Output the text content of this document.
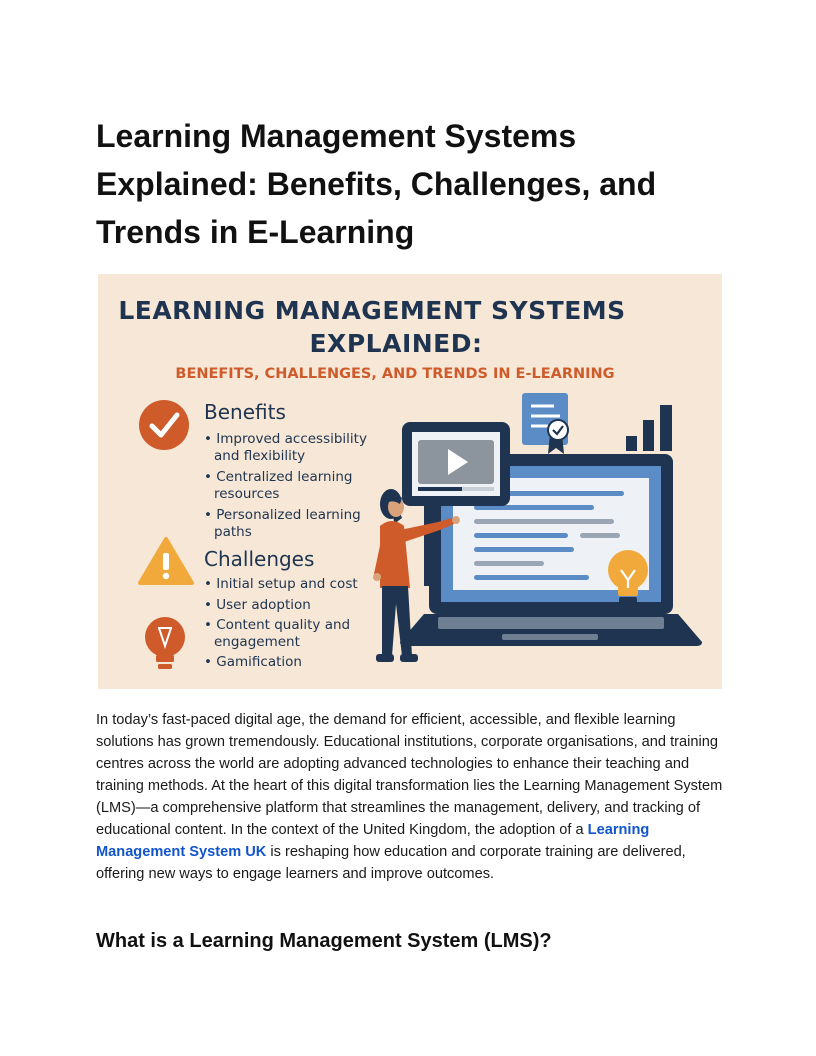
Learning Management Systems
Explained: Benefits, Challenges, and
Trends in E-Learning
LEARNING MANAGEMENT SYSTEMS
EXPLAINED:
BENEFITS, CHALLENGES, AND TRENDS IN E-LEARNING
Benefits
• Improved accessibility
and flexibility
• Centralized learning
resources
• Personalized learning
paths
Challenges
• Initial setup and cost
• User adoption
• Content quality and
engagement
• Gamification

In today’s fast-paced digital age, the demand for efficient, accessible, and flexible learning solutions has grown tremendously. Educational institutions, corporate organisations, and training centres across the world are adopting advanced technologies to enhance their teaching and training methods. At the heart of this digital transformation lies the Learning Management System (LMS)—a comprehensive platform that streamlines the management, delivery, and tracking of educational content. In the context of the United Kingdom, the adoption of a Learning Management System UK is reshaping how education and corporate training are delivered, offering new ways to engage learners and improve outcomes.

What is a Learning Management System (LMS)?
